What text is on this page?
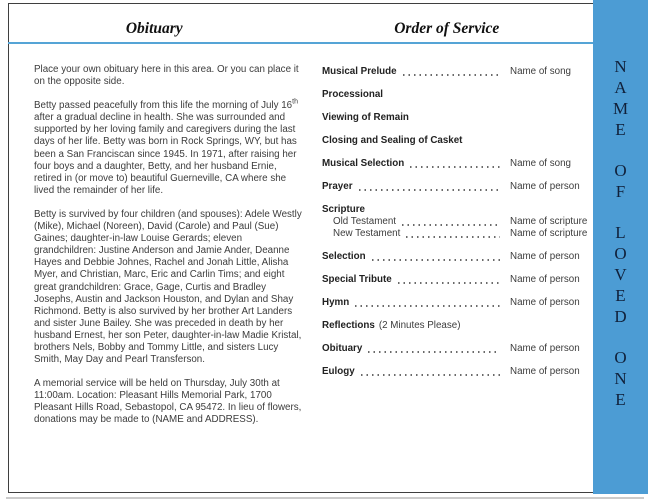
Obituary	Order of Service

Place your own obituary here in this area. Or you can place it on the opposite side.

Betty passed peacefully from this life the morning of July 16th after a gradual decline in health. She was surrounded and supported by her loving family and caregivers during the last days of her life. Betty was born in Rock Springs, WY, but has been a San Franciscan since 1945. In 1971, after raising her four boys and a daughter, Betty, and her husband Ernie, retired in (or move to) beautiful Guerneville, CA where she lived the remainder of her life.

Betty is survived by four children (and spouses): Adele Westly (Mike), Michael (Noreen), David (Carole) and Paul (Sue) Gaines; daughter-in-law Louise Gerards; eleven grandchildren: Justine Anderson and Jamie Ander, Deanne Hayes and Debbie Johnes, Rachel and Jonah Little, Alisha Myer, and Christian, Marc, Eric and Carlin Tims; and eight great grandchildren: Grace, Gage, Curtis and Bradley Josephs, Austin and Jackson Houston, and Dylan and Shay Richmond. Betty is also survived by her brother Art Landers and sister June Bailey. She was preceded in death by her husband Ernest, her son Peter, daughter-in-law Madie Kristal, brothers Nels, Bobby and Tommy Little, and sisters Lucy Smith, May Day and Pearl Transferson.

A memorial service will be held on Thursday, July 30th at 11:00am. Location: Pleasant Hills Memorial Park, 1700 Pleasant Hills Road, Sebastopol, CA 95472. In lieu of flowers, donations may be made to (NAME and ADDRESS).

Musical Prelude	Name of song
Processional
Viewing of Remain
Closing and Sealing of Casket
Musical Selection	Name of song
Prayer	Name of person
Scripture
Old Testament	Name of scripture
New Testament	Name of scripture
Selection	Name of person
Special Tribute	Name of person
Hymn	Name of person
Reflections (2 Minutes Please)
Obituary	Name of person
Eulogy	Name of person
N
A
M
E
O
F
L
O
V
E
D
O
N
E
